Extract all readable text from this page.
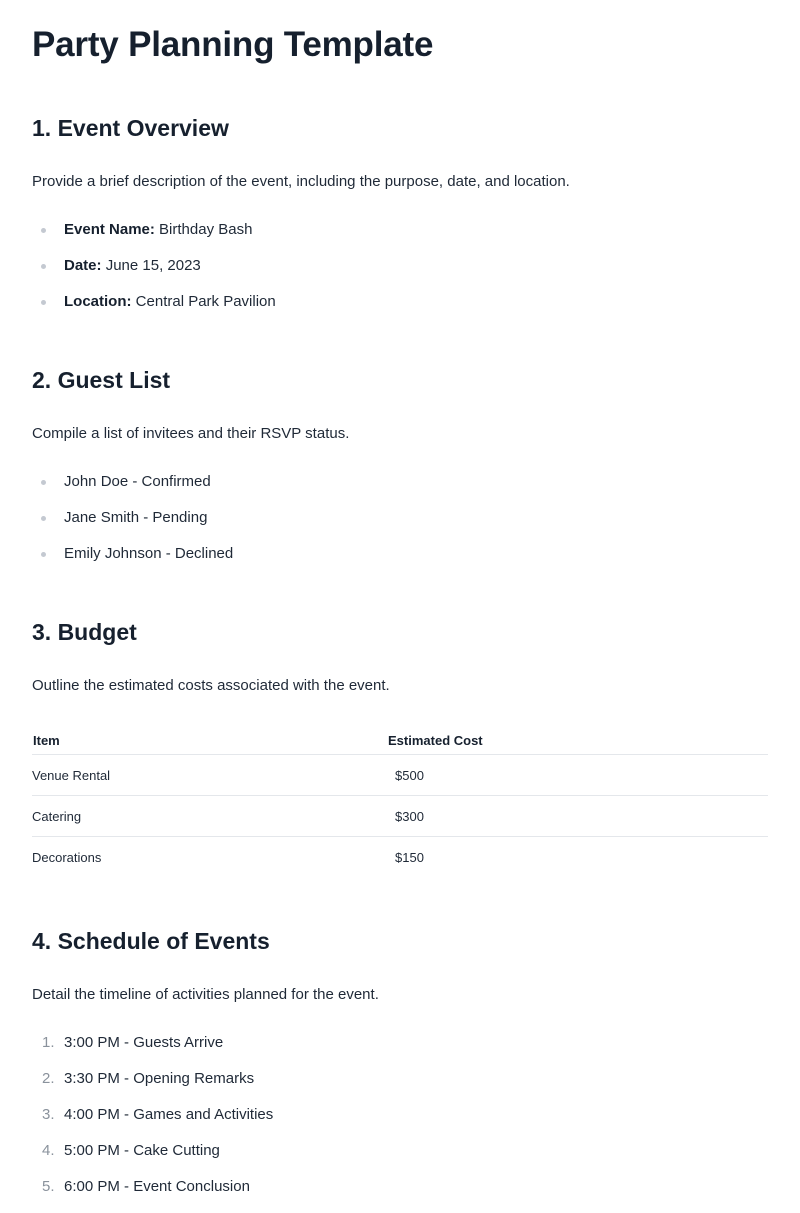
Party Planning Template
1. Event Overview

Provide a brief description of the event, including the purpose, date, and location.

Event Name: Birthday Bash
Date: June 15, 2023
Location: Central Park Pavilion
2. Guest List

Compile a list of invitees and their RSVP status.

John Doe - Confirmed
Jane Smith - Pending
Emily Johnson - Declined
3. Budget

Outline the estimated costs associated with the event.

Item	Estimated Cost
Venue Rental	$500
Catering	$300
Decorations	$150
4. Schedule of Events

Detail the timeline of activities planned for the event.

1. 3:00 PM - Guests Arrive
2. 3:30 PM - Opening Remarks
3. 4:00 PM - Games and Activities
4. 5:00 PM - Cake Cutting
5. 6:00 PM - Event Conclusion
